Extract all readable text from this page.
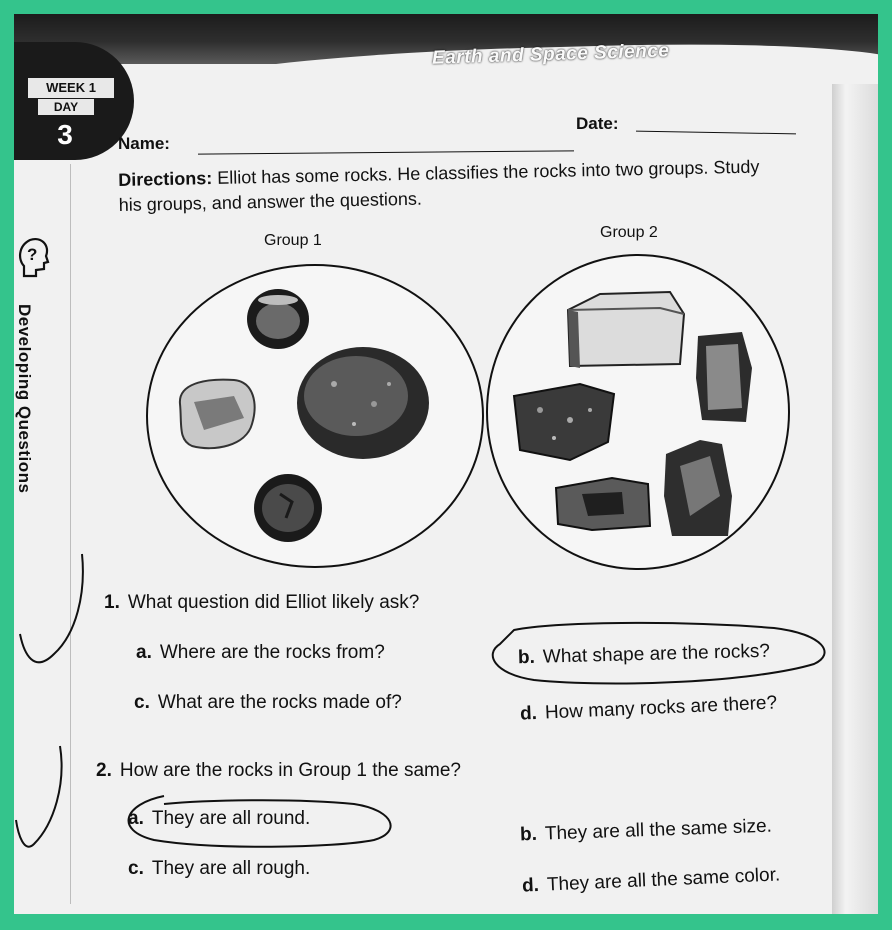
Earth and Space Science
WEEK 1
DAY
3
?
Developing Questions
Name:
Date:
Directions: Elliot has some rocks. He classifies the rocks into two groups. Study his groups, and answer the questions.
Group 1	Group 2
1. What question did Elliot likely ask?
a. Where are the rocks from?	b. What shape are the rocks?
c. What are the rocks made of?
d. How many rocks are there?
2. How are the rocks in Group 1 the same?
a. They are all round.
b. They are all the same size.
c. They are all rough.
d. They are all the same color.
